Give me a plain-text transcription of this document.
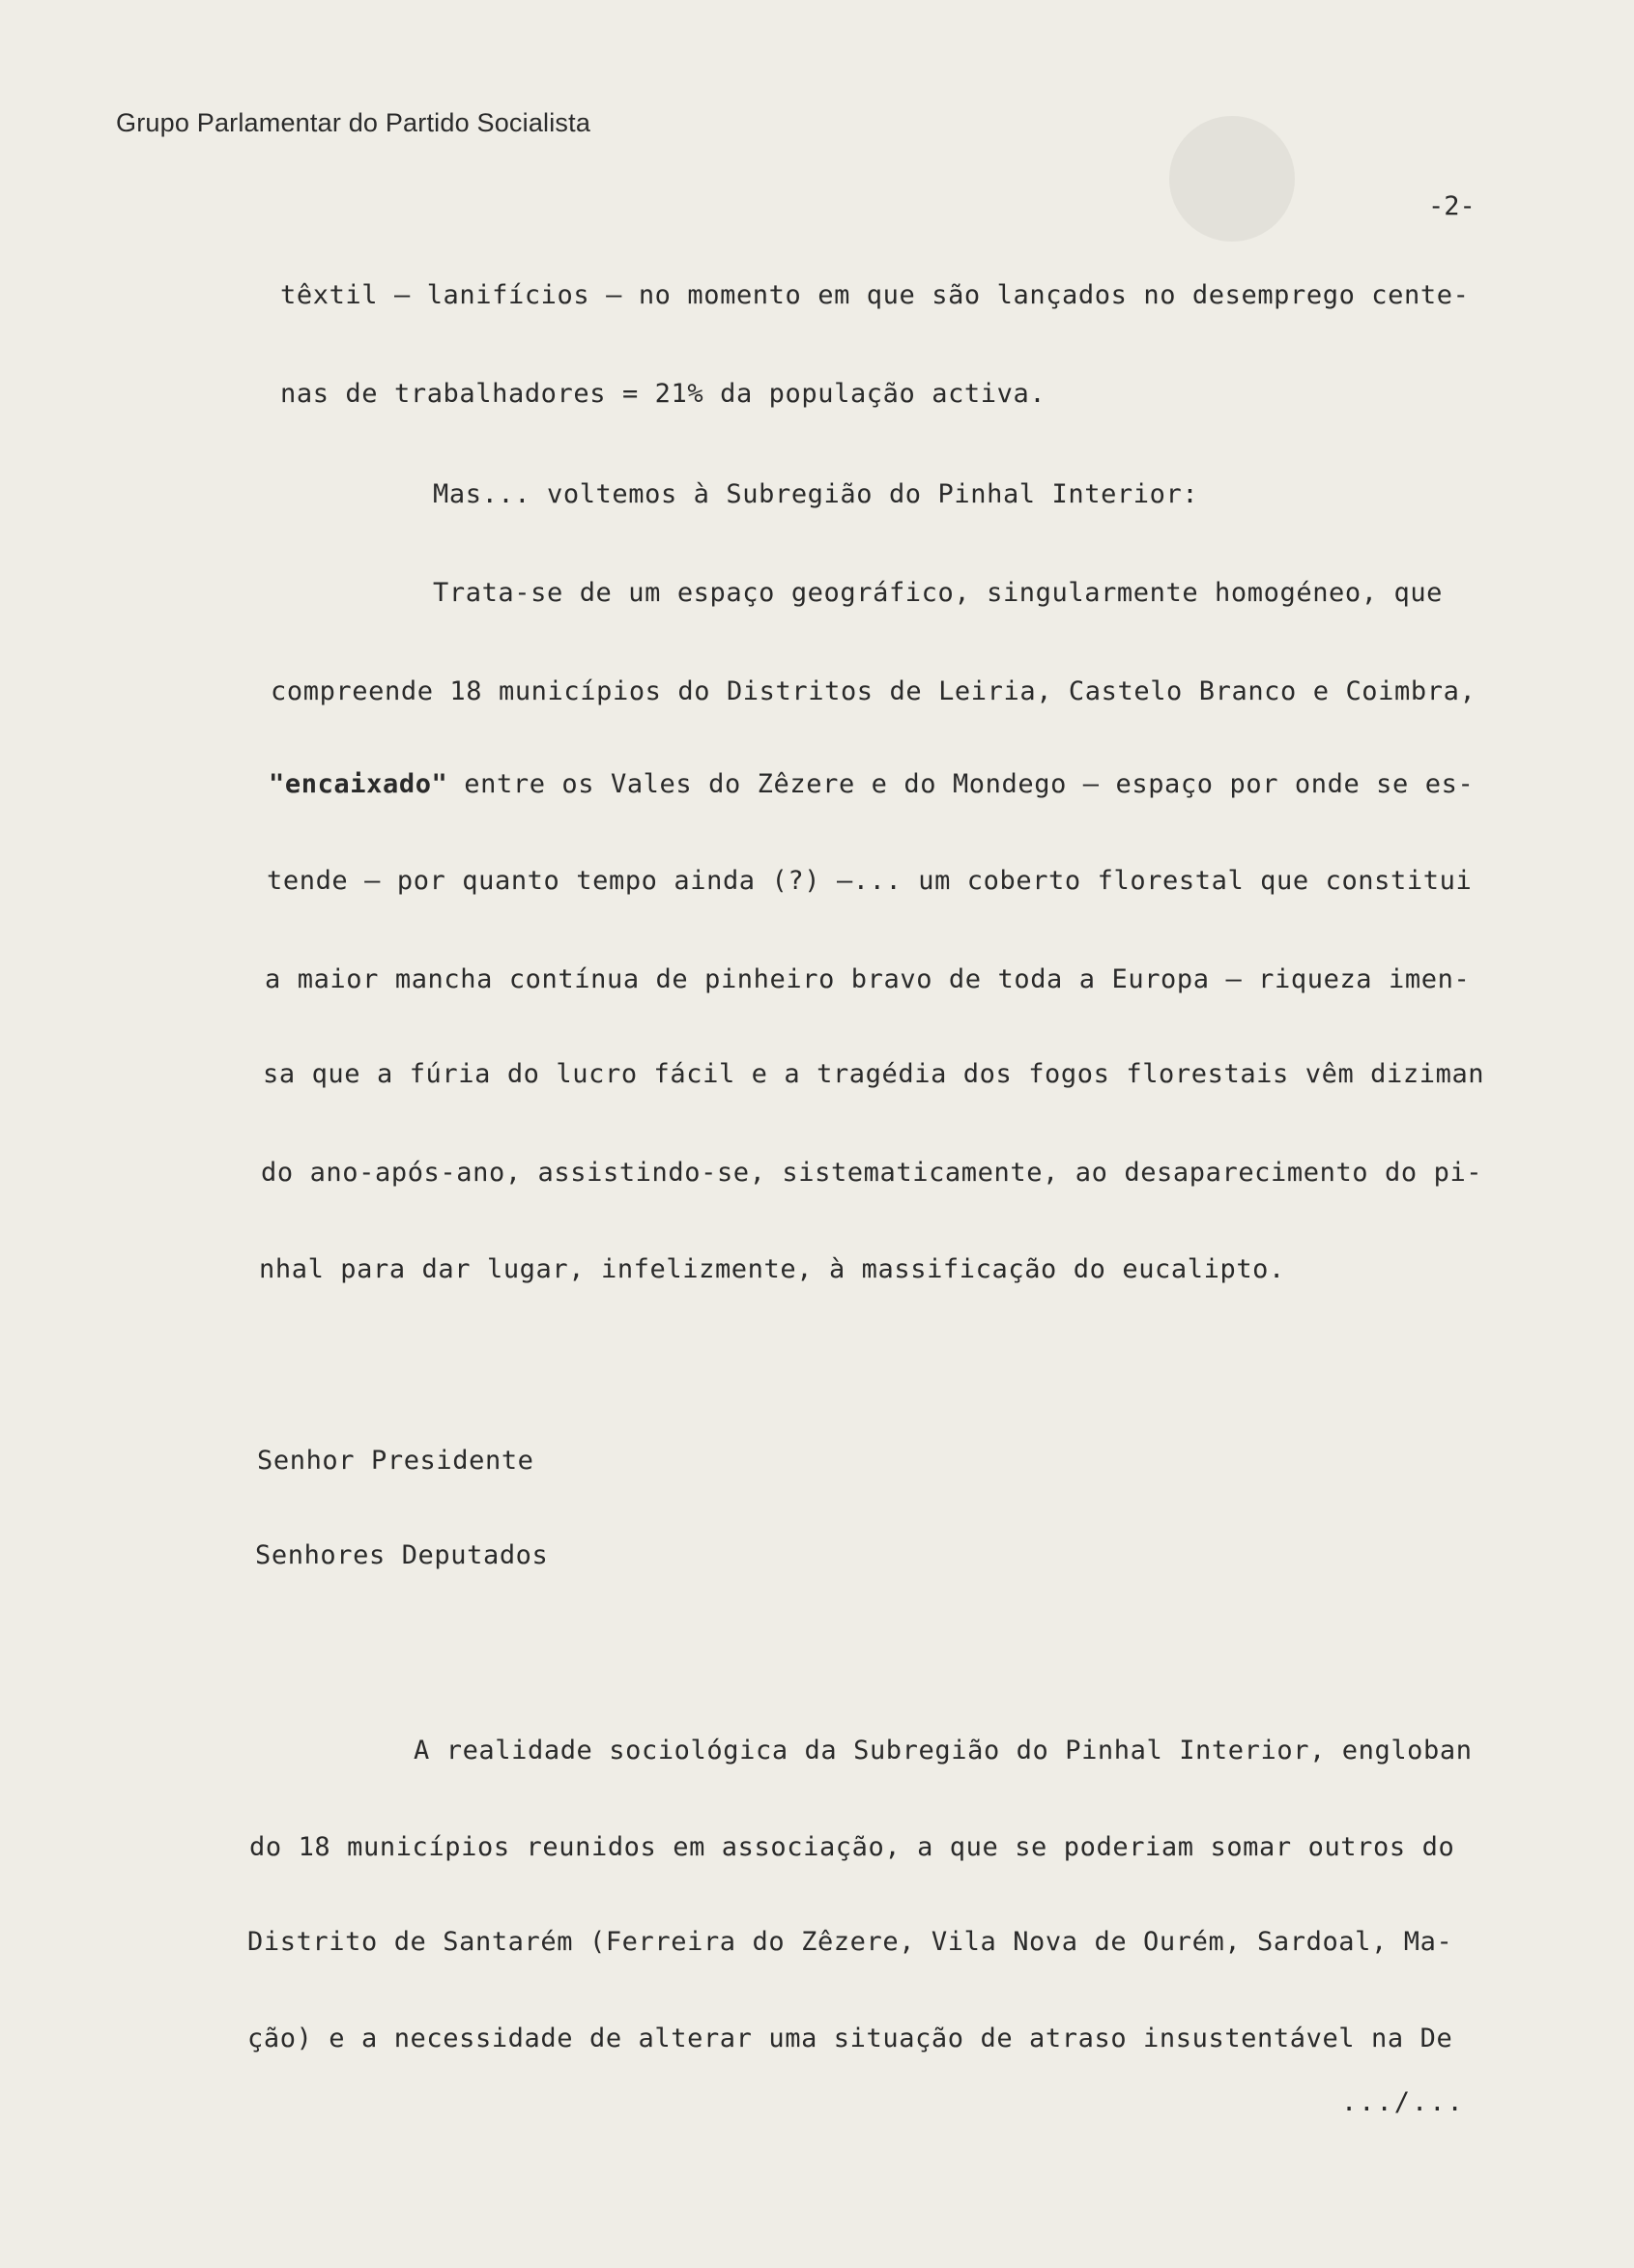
Grupo Parlamentar do Partido Socialista
-2-
têxtil — lanifícios — no momento em que são lançados no desemprego cente-
nas de trabalhadores = 21% da população activa.
Mas... voltemos à Subregião do Pinhal Interior:
Trata-se de um espaço geográfico, singularmente homogéneo, que
compreende 18 municípios do Distritos de Leiria, Castelo Branco e Coimbra,
"encaixado" entre os Vales do Zêzere e do Mondego — espaço por onde se es-
tende — por quanto tempo ainda (?) —... um coberto florestal que constitui
a maior mancha contínua de pinheiro bravo de toda a Europa — riqueza imen-
sa que a fúria do lucro fácil e a tragédia dos fogos florestais vêm diziman
do ano-após-ano, assistindo-se, sistematicamente, ao desaparecimento do pi-
nhal para dar lugar, infelizmente, à massificação do eucalipto.
Senhor Presidente
Senhores Deputados
A realidade sociológica da Subregião do Pinhal Interior, engloban
do 18 municípios reunidos em associação, a que se poderiam somar outros do
Distrito de Santarém (Ferreira do Zêzere, Vila Nova de Ourém, Sardoal, Ma-
ção) e a necessidade de alterar uma situação de atraso insustentável na De
.../...
